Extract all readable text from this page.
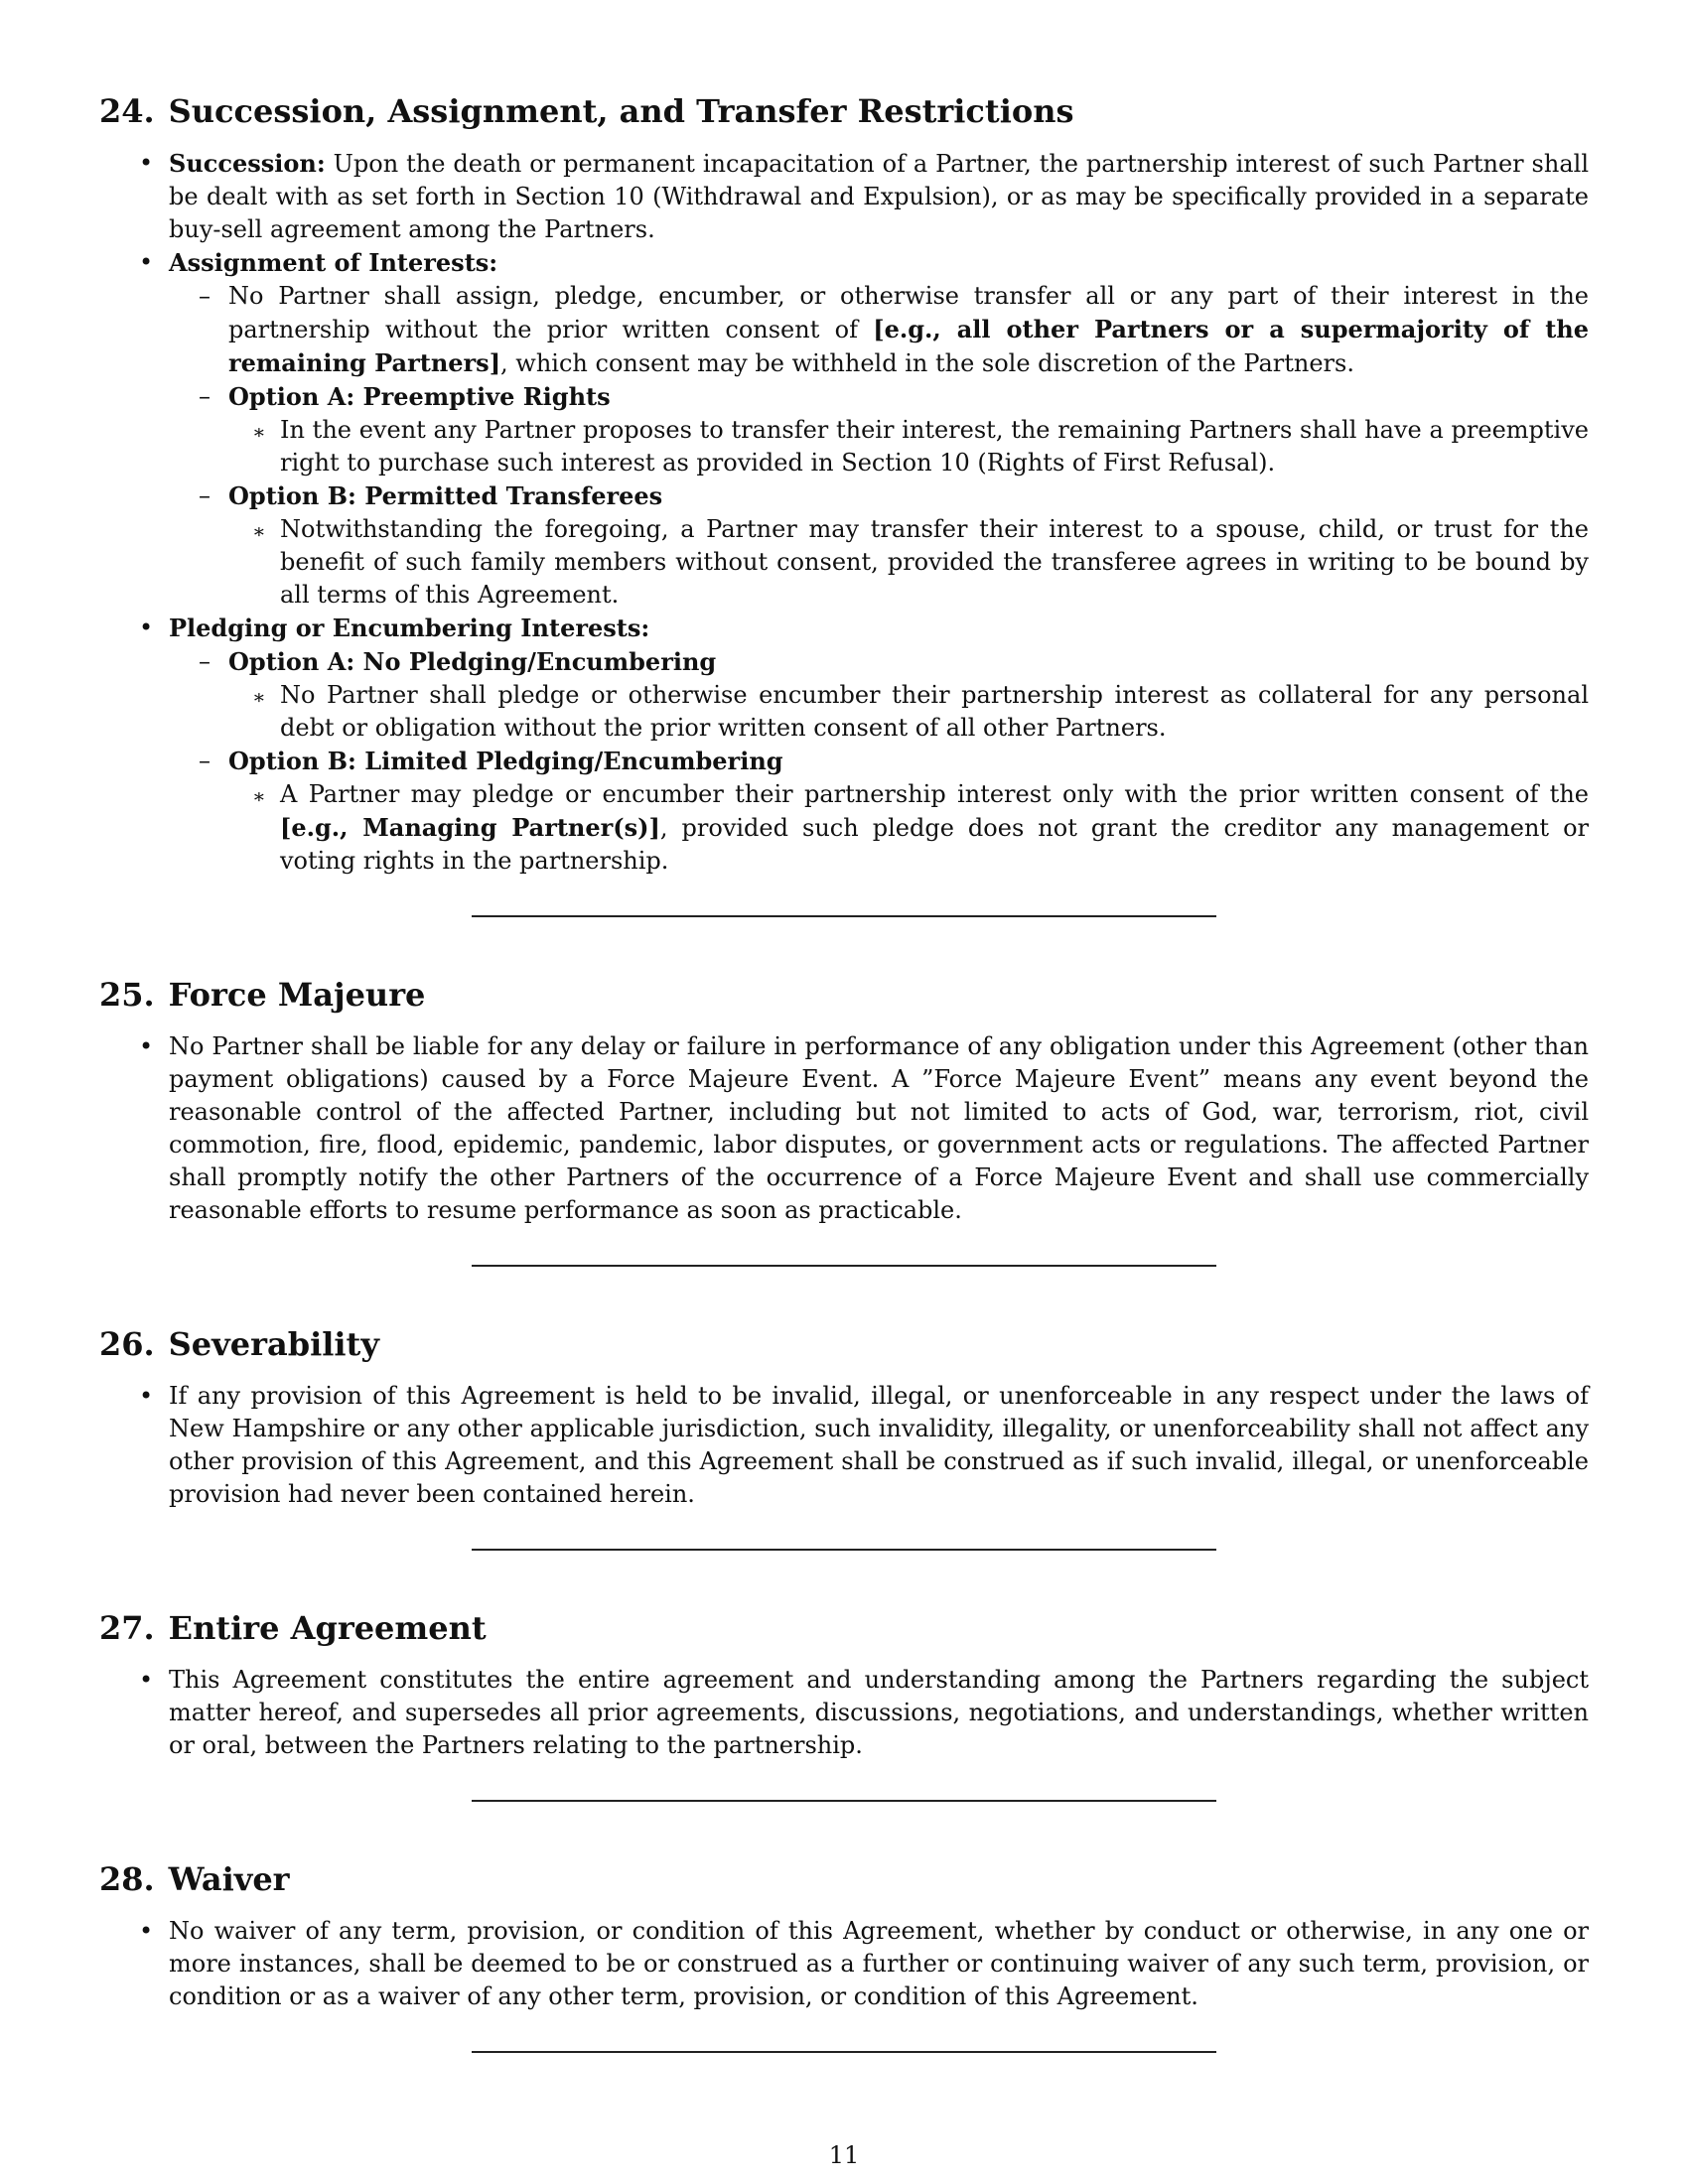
24. Succession, Assignment, and Transfer Restrictions
• Succession: Upon the death or permanent incapacitation of a Partner, the partnership interest of such Partner shall be dealt with as set forth in Section 10 (Withdrawal and Expulsion), or as may be specifically provided in a separate buy-sell agreement among the Partners.
• Assignment of Interests:
– No Partner shall assign, pledge, encumber, or otherwise transfer all or any part of their interest in the partnership without the prior written consent of [e.g., all other Partners or a supermajority of the remaining Partners], which consent may be withheld in the sole discretion of the Partners.
– Option A: Preemptive Rights
∗ In the event any Partner proposes to transfer their interest, the remaining Partners shall have a preemptive right to purchase such interest as provided in Section 10 (Rights of First Refusal).
– Option B: Permitted Transferees
∗ Notwithstanding the foregoing, a Partner may transfer their interest to a spouse, child, or trust for the benefit of such family members without consent, provided the transferee agrees in writing to be bound by all terms of this Agreement.
• Pledging or Encumbering Interests:
– Option A: No Pledging/Encumbering
∗ No Partner shall pledge or otherwise encumber their partnership interest as collateral for any personal debt or obligation without the prior written consent of all other Partners.
– Option B: Limited Pledging/Encumbering
∗ A Partner may pledge or encumber their partnership interest only with the prior written consent of the [e.g., Managing Partner(s)], provided such pledge does not grant the creditor any management or voting rights in the partnership.
25. Force Majeure
• No Partner shall be liable for any delay or failure in performance of any obligation under this Agreement (other than payment obligations) caused by a Force Majeure Event. A ”Force Majeure Event” means any event beyond the reasonable control of the affected Partner, including but not limited to acts of God, war, terrorism, riot, civil commotion, fire, flood, epidemic, pandemic, labor disputes, or government acts or regulations. The affected Partner shall promptly notify the other Partners of the occurrence of a Force Majeure Event and shall use commercially reasonable efforts to resume performance as soon as practicable.
26. Severability
• If any provision of this Agreement is held to be invalid, illegal, or unenforceable in any respect under the laws of New Hampshire or any other applicable jurisdiction, such invalidity, illegality, or unenforceability shall not affect any other provision of this Agreement, and this Agreement shall be construed as if such invalid, illegal, or unenforceable provision had never been contained herein.
27. Entire Agreement
• This Agreement constitutes the entire agreement and understanding among the Partners regarding the subject matter hereof, and supersedes all prior agreements, discussions, negotiations, and understandings, whether written or oral, between the Partners relating to the partnership.
28. Waiver
• No waiver of any term, provision, or condition of this Agreement, whether by conduct or otherwise, in any one or more instances, shall be deemed to be or construed as a further or continuing waiver of any such term, provision, or condition or as a waiver of any other term, provision, or condition of this Agreement.
11
